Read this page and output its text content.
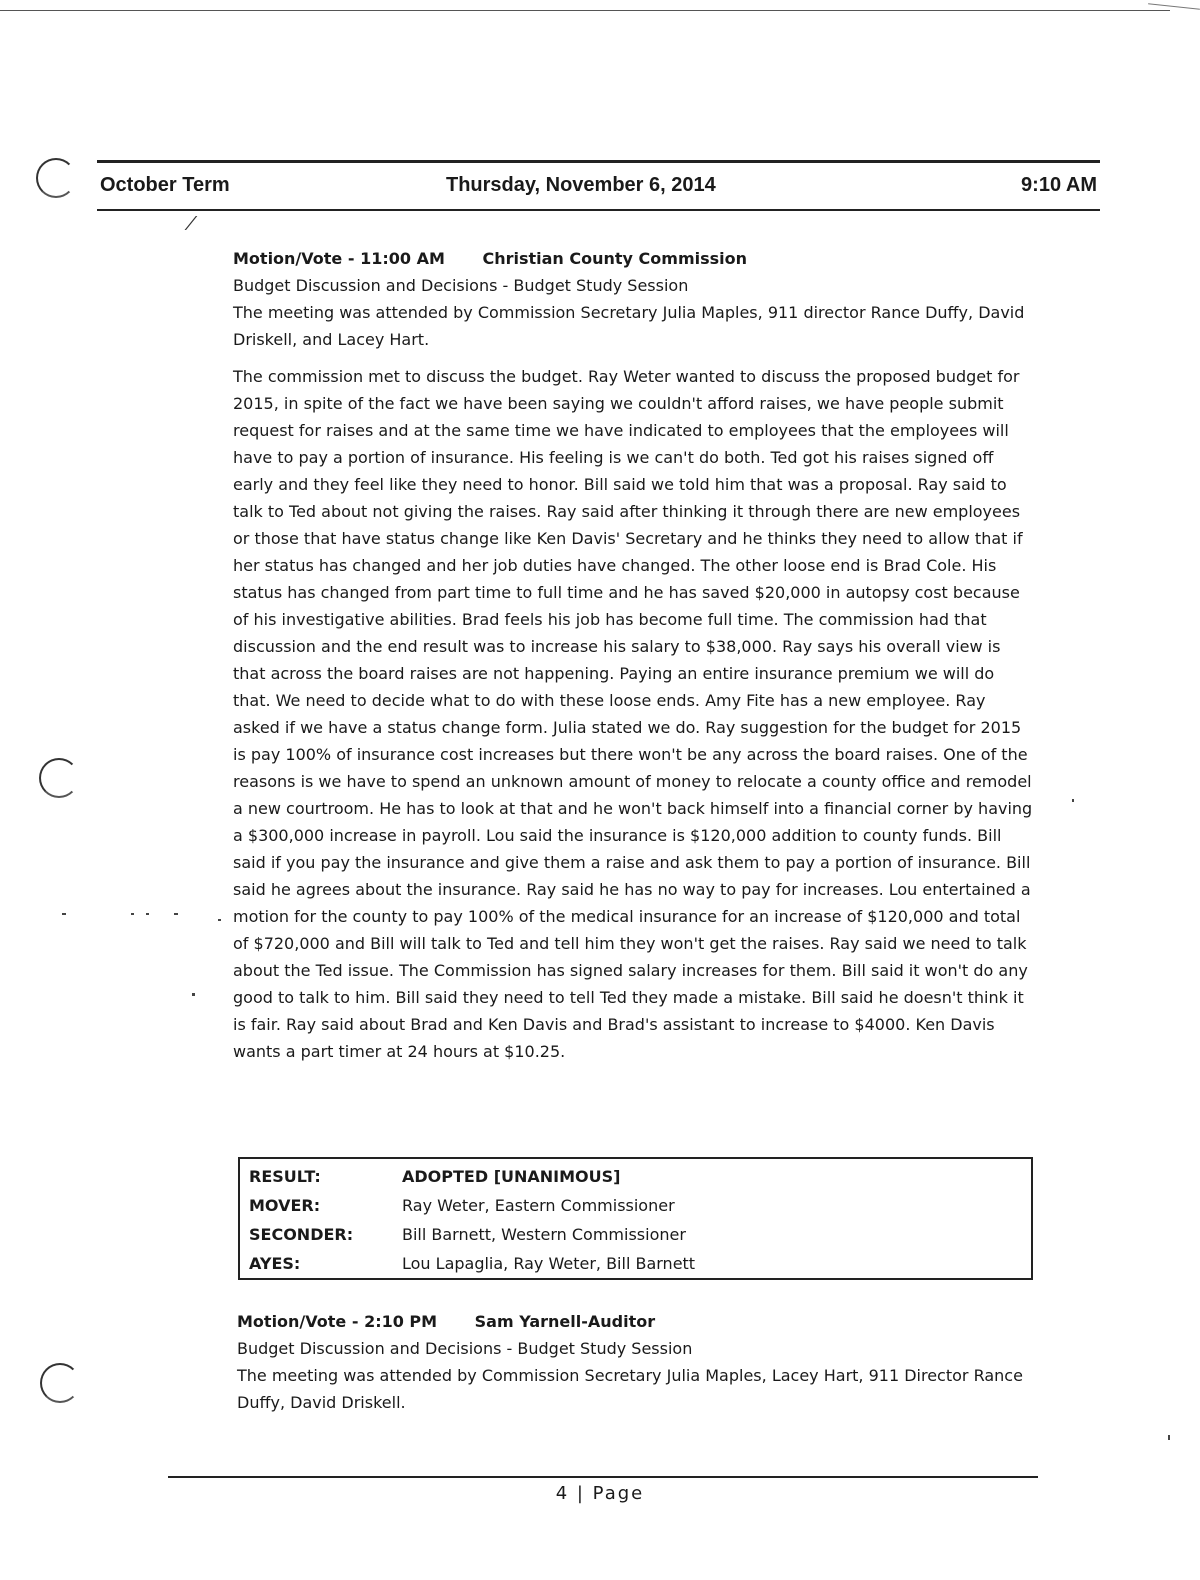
October Term	Thursday, November 6, 2014	9:10 AM
⁄

Motion/Vote - 11:00 AM Christian County Commission

Budget Discussion and Decisions - Budget Study Session

The meeting was attended by Commission Secretary Julia Maples, 911 director Rance Duffy, David Driskell, and Lacey Hart.

The commission met to discuss the budget. Ray Weter wanted to discuss the proposed budget for 2015, in spite of the fact we have been saying we couldn't afford raises, we have people submit request for raises and at the same time we have indicated to employees that the employees will have to pay a portion of insurance. His feeling is we can't do both. Ted got his raises signed off early and they feel like they need to honor. Bill said we told him that was a proposal. Ray said to talk to Ted about not giving the raises. Ray said after thinking it through there are new employees or those that have status change like Ken Davis' Secretary and he thinks they need to allow that if her status has changed and her job duties have changed. The other loose end is Brad Cole. His status has changed from part time to full time and he has saved $20,000 in autopsy cost because of his investigative abilities. Brad feels his job has become full time. The commission had that discussion and the end result was to increase his salary to $38,000. Ray says his overall view is that across the board raises are not happening. Paying an entire insurance premium we will do that. We need to decide what to do with these loose ends. Amy Fite has a new employee. Ray asked if we have a status change form. Julia stated we do. Ray suggestion for the budget for 2015 is pay 100% of insurance cost increases but there won't be any across the board raises. One of the reasons is we have to spend an unknown amount of money to relocate a county office and remodel a new courtroom. He has to look at that and he won't back himself into a financial corner by having a $300,000 increase in payroll. Lou said the insurance is $120,000 addition to county funds. Bill said if you pay the insurance and give them a raise and ask them to pay a portion of insurance. Bill said he agrees about the insurance. Ray said he has no way to pay for increases. Lou entertained a motion for the county to pay 100% of the medical insurance for an increase of $120,000 and total of $720,000 and Bill will talk to Ted and tell him they won't get the raises. Ray said we need to talk about the Ted issue. The Commission has signed salary increases for them. Bill said it won't do any good to talk to him. Bill said they need to tell Ted they made a mistake. Bill said he doesn't think it is fair. Ray said about Brad and Ken Davis and Brad's assistant to increase to $4000. Ken Davis wants a part timer at 24 hours at $10.25.

RESULT:	ADOPTED [UNANIMOUS]
MOVER:	Ray Weter, Eastern Commissioner
SECONDER:	Bill Barnett, Western Commissioner
AYES:	Lou Lapaglia, Ray Weter, Bill Barnett

Motion/Vote - 2:10 PM Sam Yarnell-Auditor

Budget Discussion and Decisions - Budget Study Session

The meeting was attended by Commission Secretary Julia Maples, Lacey Hart, 911 Director Rance Duffy, David Driskell.

4 | Page
